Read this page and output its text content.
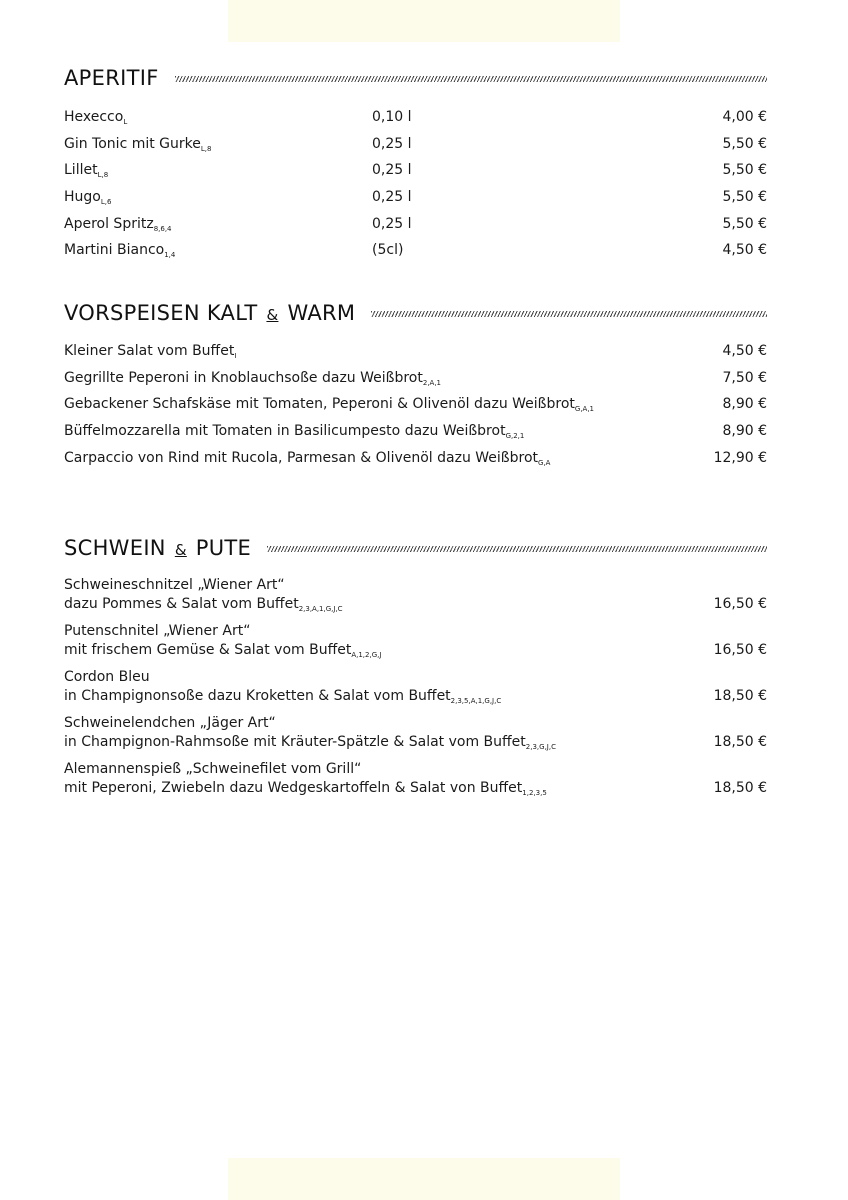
APERITIF
Hexecco$_L$	0,10 l	4,00 €
Gin Tonic mit Gurke$_{L,8}$	0,25 l	5,50 €
Lillet$_{L,8}$	0,25 l	5,50 €
Hugo$_{L,6}$	0,25 l	5,50 €
Aperol Spritz$_{8,6,4}$	0,25 l	5,50 €
Martini Bianco$_{1,4}$	(5cl)	4,50 €
VORSPEISEN KALT & WARM
Kleiner Salat vom Buffet$_I$	4,50 €
Gegrillte Peperoni in Knoblauchsoße dazu Weißbrot$_{2,A,1}$	7,50 €
Gebackener Schafskäse mit Tomaten, Peperoni & Olivenöl dazu Weißbrot$_{G,A,1}$	8,90 €
Büffelmozzarella mit Tomaten in Basilicumpesto dazu Weißbrot$_{G,2,1}$	8,90 €
Carpaccio von Rind mit Rucola, Parmesan & Olivenöl dazu Weißbrot$_{G,A}$	12,90 €
SCHWEIN & PUTE
Schweineschnitzel „Wiener Art“
dazu Pommes & Salat vom Buffet$_{2,3,A,1,G,J,C}$	16,50 €
Putenschnitel „Wiener Art“
mit frischem Gemüse & Salat vom Buffet$_{A,1,2,G,J}$	16,50 €
Cordon Bleu
in Champignonsoße dazu Kroketten & Salat vom Buffet$_{2,3,5,A,1,G,J,C}$	18,50 €
Schweinelendchen „Jäger Art“
in Champignon-Rahmsoße mit Kräuter-Spätzle & Salat vom Buffet$_{2,3,G,J,C}$	18,50 €
Alemannenspieß „Schweinefilet vom Grill“
mit Peperoni, Zwiebeln dazu Wedgeskartoffeln & Salat von Buffet$_{1,2,3,5}$	18,50 €
